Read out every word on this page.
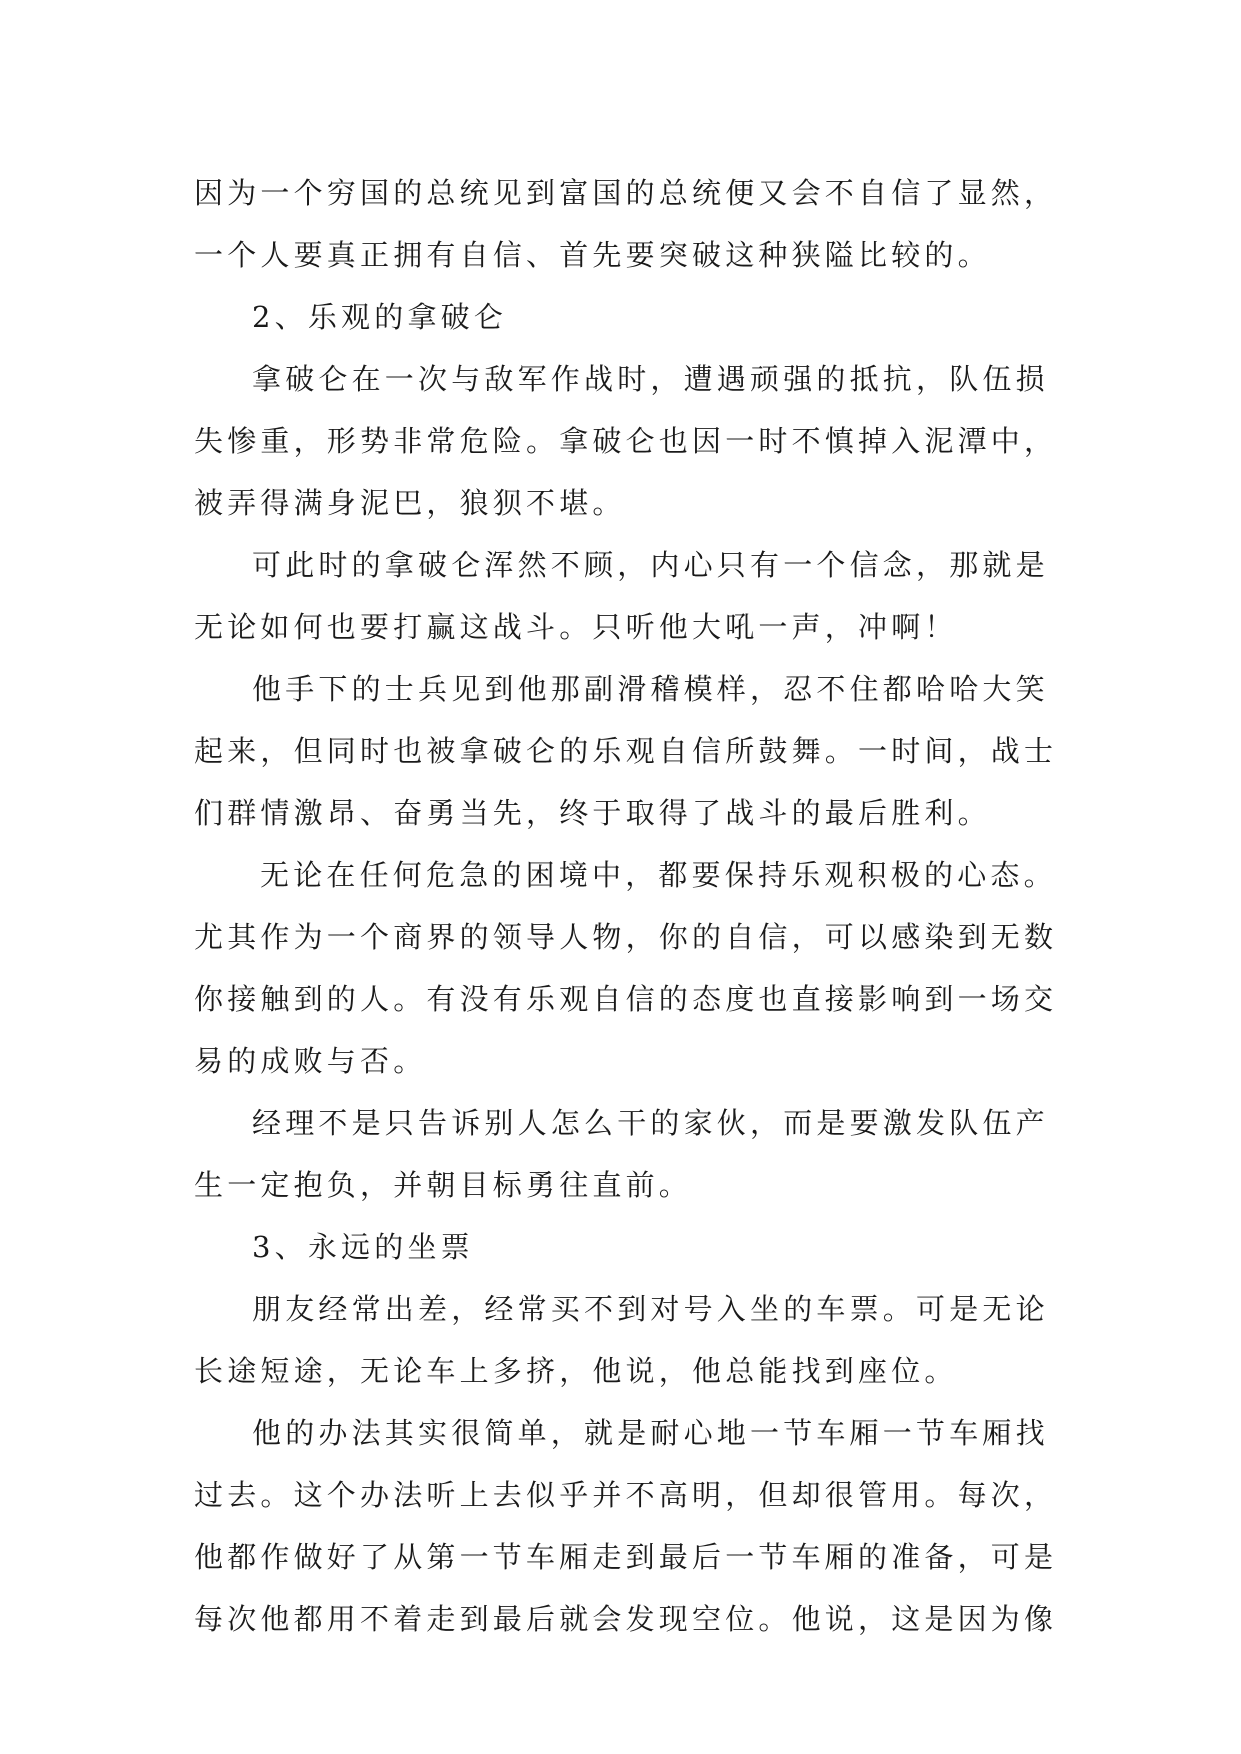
因为一个穷国的总统见到富国的总统便又会不自信了显然，
一个人要真正拥有自信、首先要突破这种狭隘比较的。
2、乐观的拿破仑
拿破仑在一次与敌军作战时，遭遇顽强的抵抗，队伍损
失惨重，形势非常危险。拿破仑也因一时不慎掉入泥潭中，
被弄得满身泥巴，狼狈不堪。
可此时的拿破仑浑然不顾，内心只有一个信念，那就是
无论如何也要打赢这战斗。只听他大吼一声，冲啊！
他手下的士兵见到他那副滑稽模样，忍不住都哈哈大笑
起来，但同时也被拿破仑的乐观自信所鼓舞。一时间，战士
们群情激昂、奋勇当先，终于取得了战斗的最后胜利。
无论在任何危急的困境中，都要保持乐观积极的心态。
尤其作为一个商界的领导人物，你的自信，可以感染到无数
你接触到的人。有没有乐观自信的态度也直接影响到一场交
易的成败与否。
经理不是只告诉别人怎么干的家伙，而是要激发队伍产
生一定抱负，并朝目标勇往直前。
3、永远的坐票
朋友经常出差，经常买不到对号入坐的车票。可是无论
长途短途，无论车上多挤，他说，他总能找到座位。
他的办法其实很简单，就是耐心地一节车厢一节车厢找
过去。这个办法听上去似乎并不高明，但却很管用。每次，
他都作做好了从第一节车厢走到最后一节车厢的准备，可是
每次他都用不着走到最后就会发现空位。他说，这是因为像
